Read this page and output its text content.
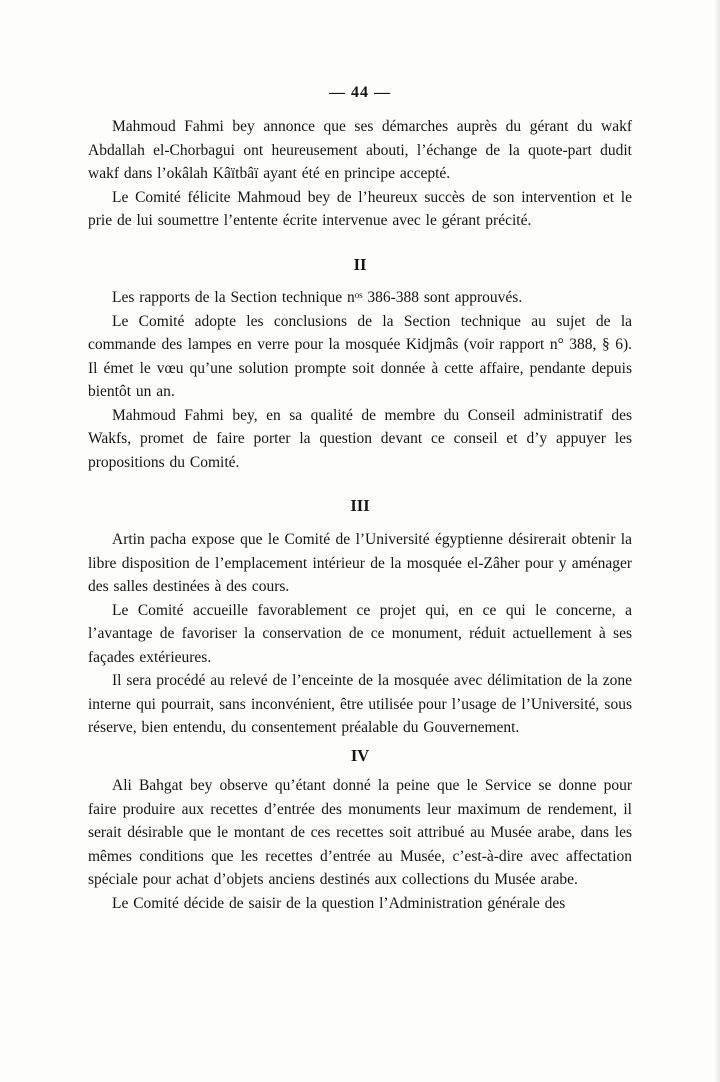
— 44 —

Mahmoud Fahmi bey annonce que ses démarches auprès du gérant du wakf Abdallah el-Chorbagui ont heureusement abouti, l’échange de la quote-part dudit wakf dans l’okâlah Kâïtbâï ayant été en principe accepté.

Le Comité félicite Mahmoud bey de l’heureux succès de son intervention et le prie de lui soumettre l’entente écrite intervenue avec le gérant précité.

II

Les rapports de la Section technique nᵒˢ 386-388 sont approuvés.

Le Comité adopte les conclusions de la Section technique au sujet de la commande des lampes en verre pour la mosquée Kidjmâs (voir rapport n° 388, § 6). Il émet le vœu qu’une solution prompte soit donnée à cette affaire, pendante depuis bientôt un an.

Mahmoud Fahmi bey, en sa qualité de membre du Conseil administratif des Wakfs, promet de faire porter la question devant ce conseil et d’y appuyer les propositions du Comité.

III

Artin pacha expose que le Comité de l’Université égyptienne désirerait obtenir la libre disposition de l’emplacement intérieur de la mosquée el-Zâher pour y aménager des salles destinées à des cours.

Le Comité accueille favorablement ce projet qui, en ce qui le concerne, a l’avantage de favoriser la conservation de ce monument, réduit actuellement à ses façades extérieures.

Il sera procédé au relevé de l’enceinte de la mosquée avec délimitation de la zone interne qui pourrait, sans inconvénient, être utilisée pour l’usage de l’Université, sous réserve, bien entendu, du consentement préalable du Gouvernement.

IV

Ali Bahgat bey observe qu’étant donné la peine que le Service se donne pour faire produire aux recettes d’entrée des monuments leur maximum de rendement, il serait désirable que le montant de ces recettes soit attribué au Musée arabe, dans les mêmes conditions que les recettes d’entrée au Musée, c’est-à-dire avec affectation spéciale pour achat d’objets anciens destinés aux collections du Musée arabe.

Le Comité décide de saisir de la question l’Administration générale des
